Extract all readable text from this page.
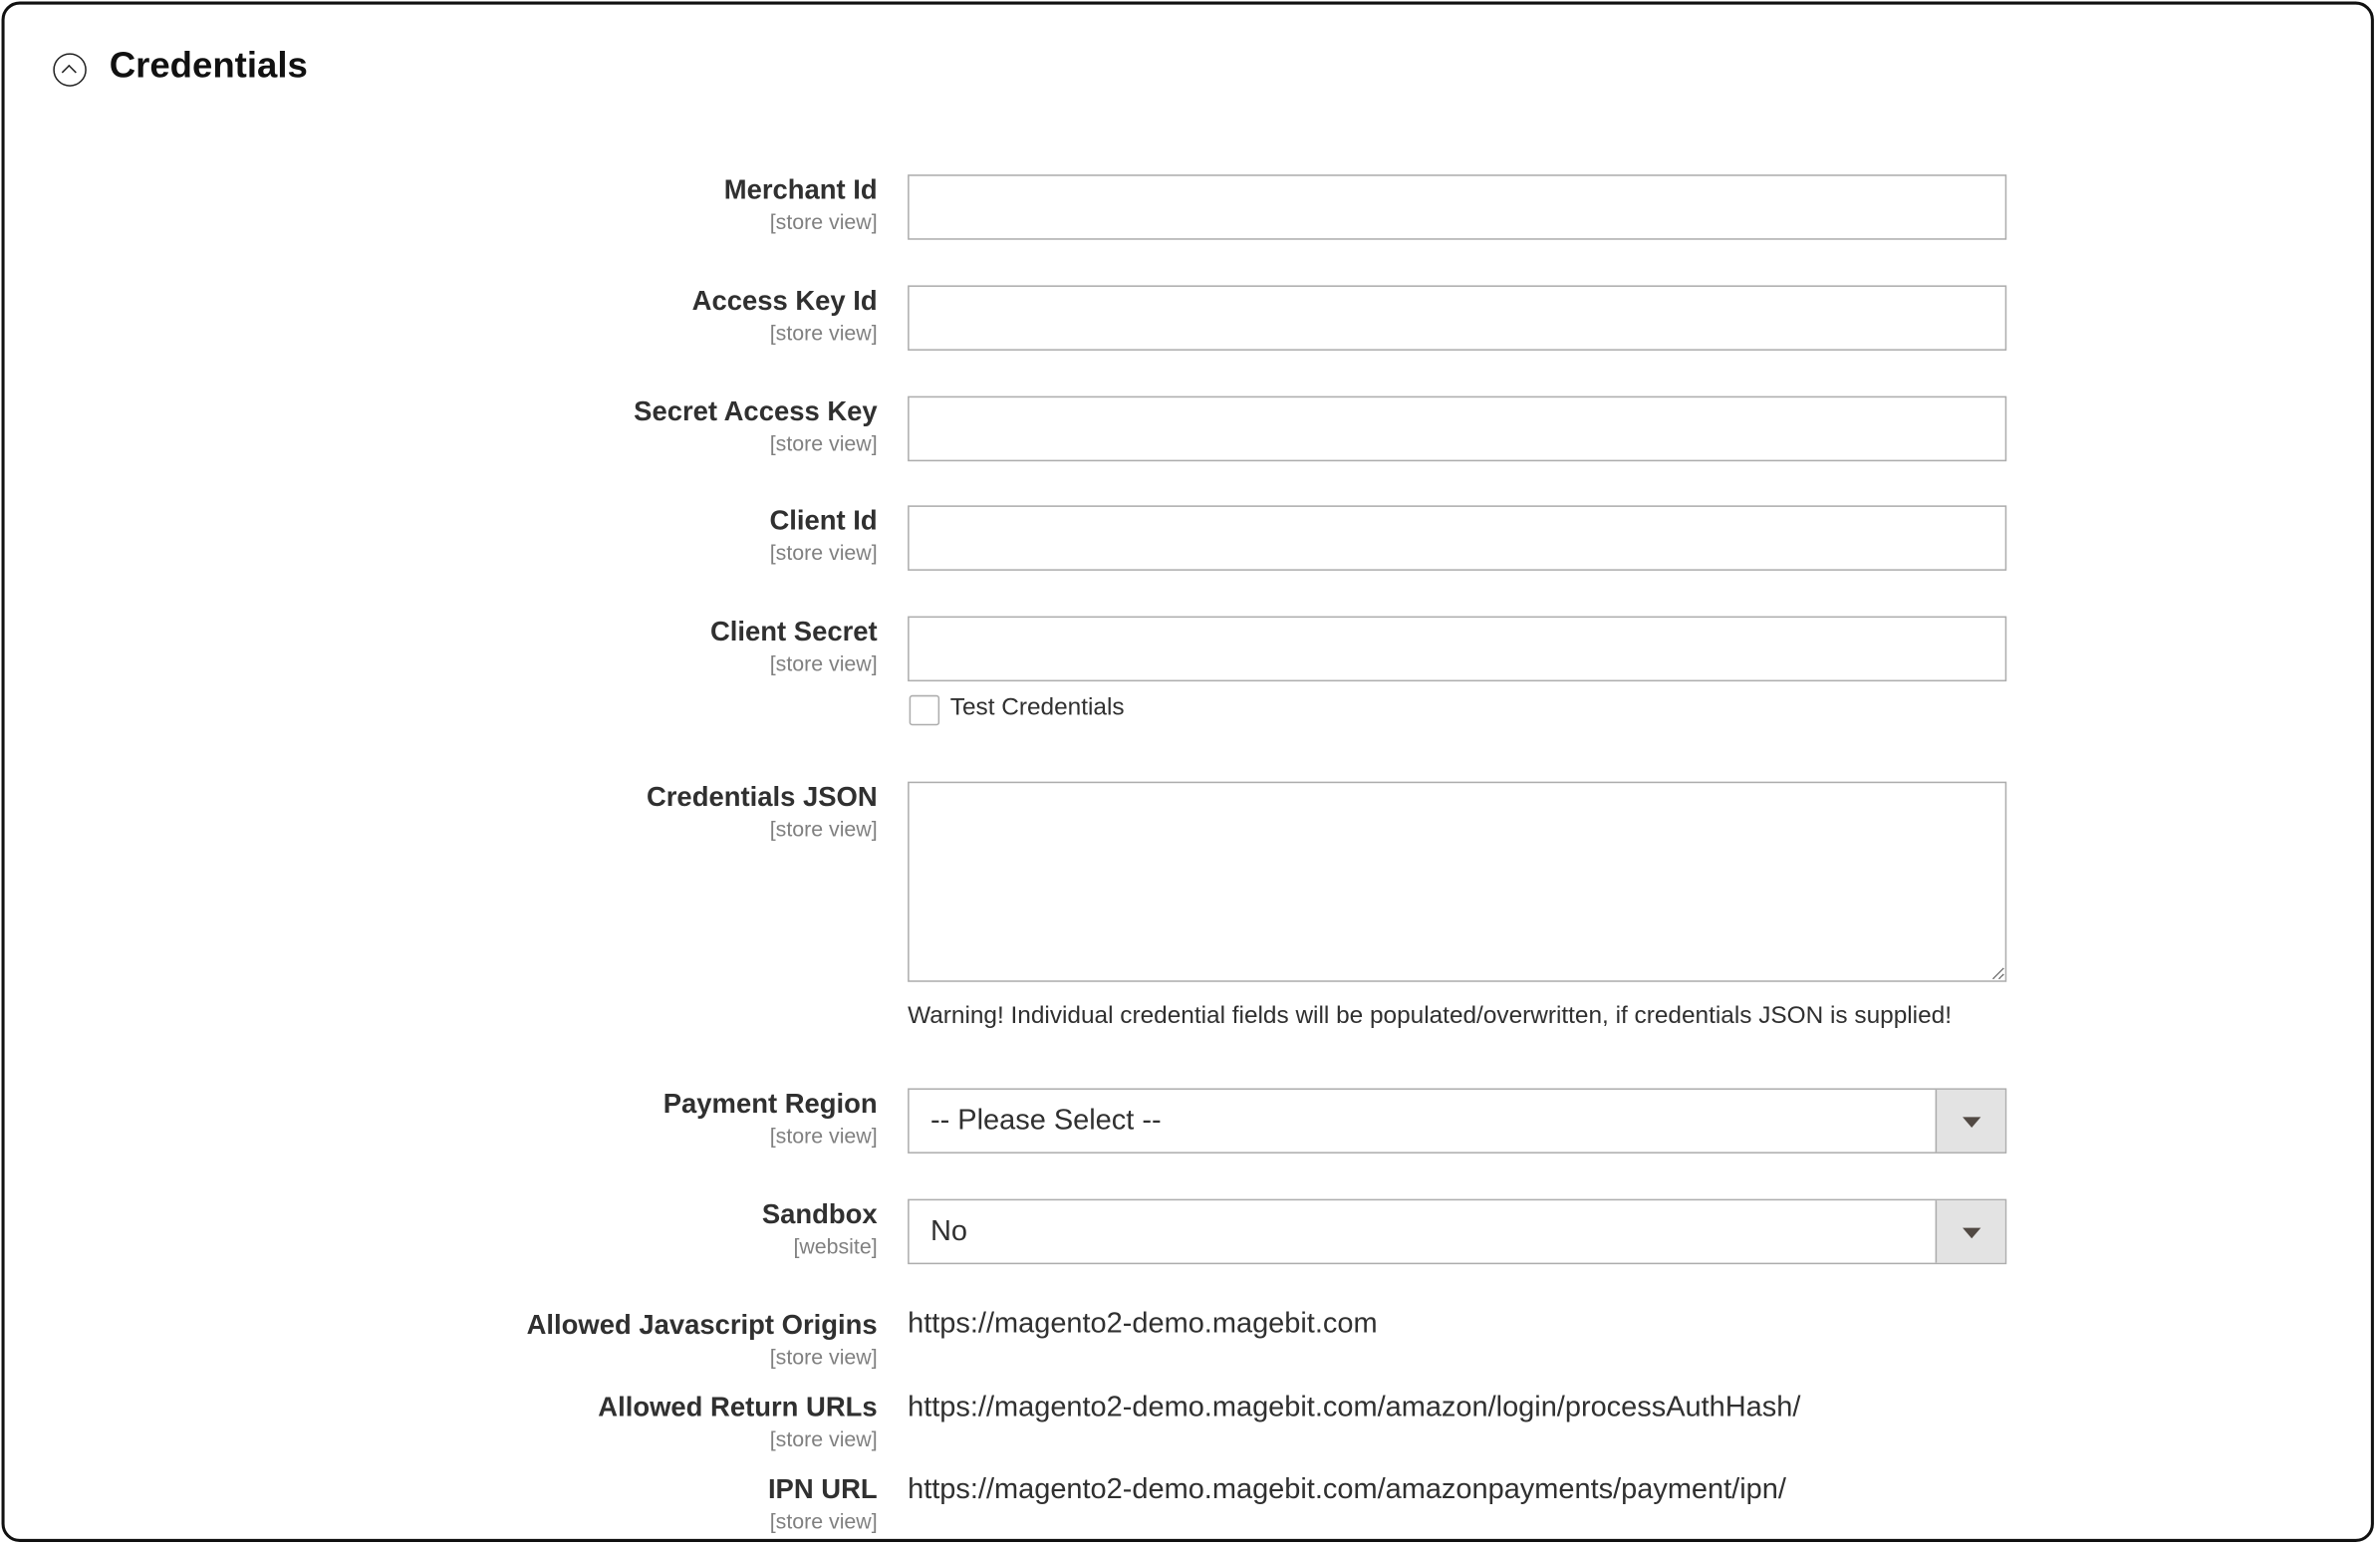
Credentials
Merchant Id
[store view]
Access Key Id
[store view]
Secret Access Key
[store view]
Client Id
[store view]
Client Secret
[store view]
Test Credentials
Credentials JSON
[store view]
Warning! Individual credential fields will be populated/overwritten, if credentials JSON is supplied!
Payment Region
[store view]	-- Please Select --
Sandbox
[website]	No
Allowed Javascript Origins
[store view]
https://magento2-demo.magebit.com
Allowed Return URLs
[store view]
https://magento2-demo.magebit.com/amazon/login/processAuthHash/
IPN URL
[store view]
https://magento2-demo.magebit.com/amazonpayments/payment/ipn/
